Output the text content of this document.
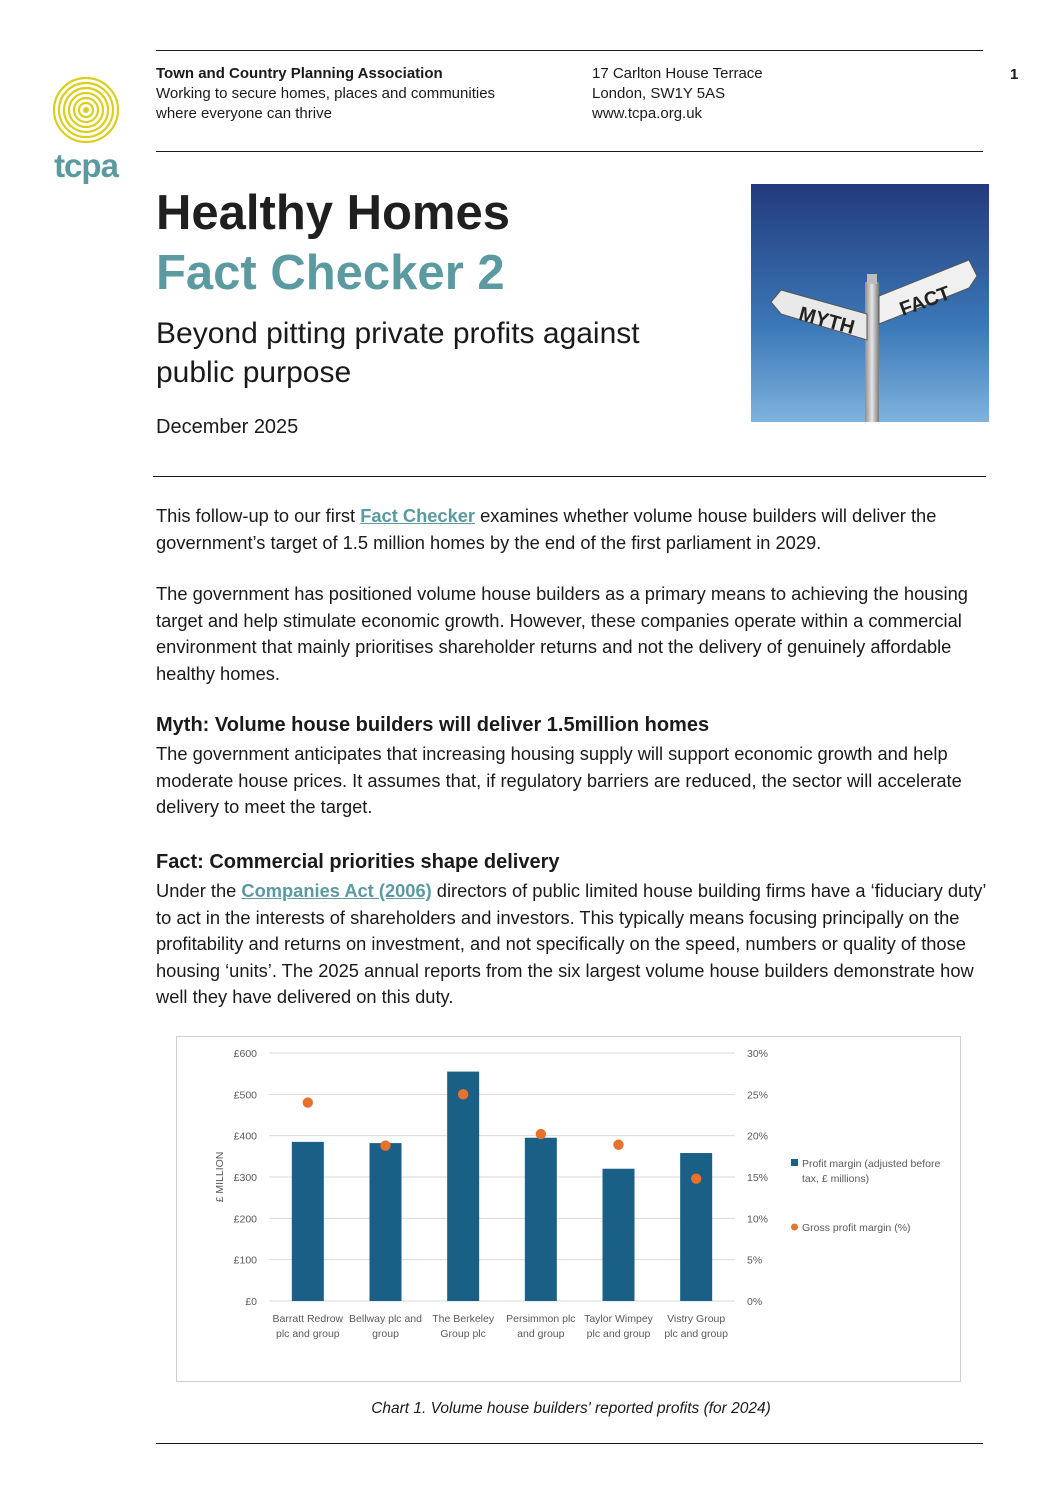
tcpa
Town and Country Planning Association
Working to secure homes, places and communities
where everyone can thrive
17 Carlton House Terrace
London, SW1Y 5AS
www.tcpa.org.uk
1
Healthy Homes
Fact Checker 2
Beyond pitting private profits against public purpose
December 2025
MYTH
FACT
This follow-up to our first Fact Checker examines whether volume house builders will deliver the government’s target of 1.5 million homes by the end of the first parliament in 2029.
The government has positioned volume house builders as a primary means to achieving the housing target and help stimulate economic growth. However, these companies operate within a commercial environment that mainly prioritises shareholder returns and not the delivery of genuinely affordable healthy homes.
Myth: Volume house builders will deliver 1.5million homes
The government anticipates that increasing housing supply will support economic growth and help moderate house prices. It assumes that, if regulatory barriers are reduced, the sector will accelerate delivery to meet the target.
Fact: Commercial priorities shape delivery
Under the Companies Act (2006) directors of public limited house building firms have a ‘fiduciary duty’ to act in the interests of shareholders and investors. This typically means focusing principally on the profitability and returns on investment, and not specifically on the speed, numbers or quality of those housing ‘units’. The 2025 annual reports from the six largest volume house builders demonstrate how well they have delivered on this duty.
£0
£100
£200
£300
£400
£500
£600
0%
5%
10%
15%
20%
25%
30%
£ MILLION
Barratt Redrow
plc and group
Bellway plc and
group
The Berkeley
Group plc
Persimmon plc
and group
Taylor Wimpey
plc and group
Vistry Group
plc and group
Profit margin (adjusted before
tax, £ millions)
Gross profit margin (%)
Chart 1. Volume house builders' reported profits (for 2024)
